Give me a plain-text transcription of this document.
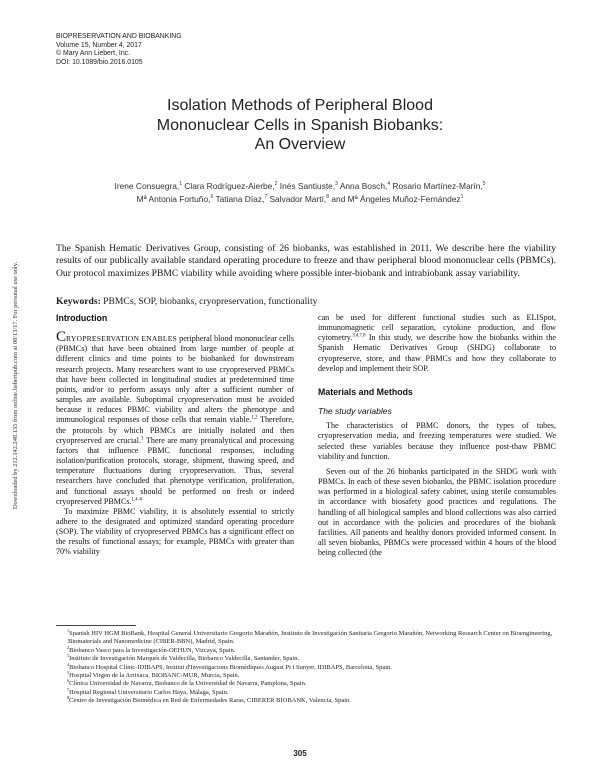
BIOPRESERVATION AND BIOBANKING
Volume 15, Number 4, 2017
© Mary Ann Liebert, Inc.
DOI: 10.1089/bio.2016.0105
Isolation Methods of Peripheral Blood
Mononuclear Cells in Spanish Biobanks:
An Overview
Irene Consuegra,$^1$ Clara Rodríguez-Aierbe,$^2$ Inés Santiuste,$^3$ Anna Bosch,$^4$ Rosario Martínez-Marín,$^5$
Mª Antonia Fortuño,$^6$ Tatiana Díaz,$^7$ Salvador Martí,$^8$ and Mª Ángeles Muñoz-Fernández$^1$
The Spanish Hematic Derivatives Group, consisting of 26 biobanks, was established in 2011. We describe here the viability results of our publically available standard operating procedure to freeze and thaw peripheral blood mononuclear cells (PBMCs). Our protocol maximizes PBMC viability while avoiding where possible inter-biobank and intrabiobank assay variability.
Keywords: PBMCs, SOP, biobanks, cryopreservation, functionality
Downloaded by 212.142.248.135 from online.liebertpub.com at 08/13/17. For personal use only.	Introduction

CRYOPRESERVATION ENABLES peripheral blood mononuclear cells (PBMCs) that have been obtained from large number of people at different clinics and time points to be biobanked for downstream research projects. Many researchers want to use cryopreserved PBMCs that have been collected in longitudinal studies at predetermined time points, and/or to perform assays only after a sufficient number of samples are available. Suboptimal cryopreservation must be avoided because it reduces PBMC viability and alters the phenotype and immunological responses of those cells that remain viable.$^{1,2}$ Therefore, the protocols by which PBMCs are initially isolated and then cryopreserved are crucial.$^3$ There are many preanalytical and processing factors that influence PBMC functional responses, including isolation/purification protocols, storage, shipment, thawing speed, and temperature fluctuations during cryopreservation. Thus, several researchers have concluded that phenotype verification, proliferation, and functional assays should be performed on fresh or indeed cryopreserved PBMCs.$^{1,4-6}$

To maximize PBMC viability, it is absolutely essential to strictly adhere to the designated and optimized standard operating procedure (SOP). The viability of cryopreserved PBMCs has a significant effect on the results of functional assays; for example, PBMCs with greater than 70% viability

can be used for different functional studies such as ELISpot, immunomagnetic cell separation, cytokine production, and flow cytometry.$^{3,4,7,8}$ In this study, we describe how the biobanks within the Spanish Hematic Derivatives Group (SHDG) collaborate to cryopreserve, store, and thaw PBMCs and how they collaborate to develop and implement their SOP.

Materials and Methods
The study variables

The characteristics of PBMC donors, the types of tubes, cryopreservation media, and freezing temperatures were studied. We selected these variables because they influence post-thaw PBMC viability and function.

Seven out of the 26 biobanks participated in the SHDG work with PBMCs. In each of these seven biobanks, the PBMC isolation procedure was performed in a biological safety cabinet, using sterile consumables in accordance with biosafety good practices and regulations. The handling of all biological samples and blood collections was also carried out in accordance with the policies and procedures of the biobank facilities. All patients and healthy donors provided informed consent. In all seven biobanks, PBMCs were processed within 4 hours of the blood being collected (the

$^1$Spanish HIV HGM BioBank, Hospital General Universitario Gregorio Marañón, Instituto de Investigación Sanitaria Gregorio Marañón, Networking Research Center on Bioengineering, Biomaterials and Nanomedicine (CIBER-BBN), Madrid, Spain.
$^2$Biobanco Vasco para la Investigación-OEHUN, Vizcaya, Spain.
$^3$Instituto de Investigación Marqués de Valdecilla, Biobanco Valdecilla, Santander, Spain.
$^4$Biobanco Hospital Clínic-IDIBAPS, Institut d'Investigacions Biomèdiques August Pi i Sunyer, IDIBAPS, Barcelona, Spain.
$^5$Hospital Virgen de la Arrixaca, BIOBANC-MUR, Murcia, Spain.
$^6$Clínica Universidad de Navarra, Biobanco de la Universidad de Navarra, Pamplona, Spain.
$^7$Hospital Regional Universitario Carlos Haya, Málaga, Spain.
$^8$Centro de Investigación Biomédica en Red de Enfermedades Raras, CIBERER BIOBANK, Valencia, Spain.
305
